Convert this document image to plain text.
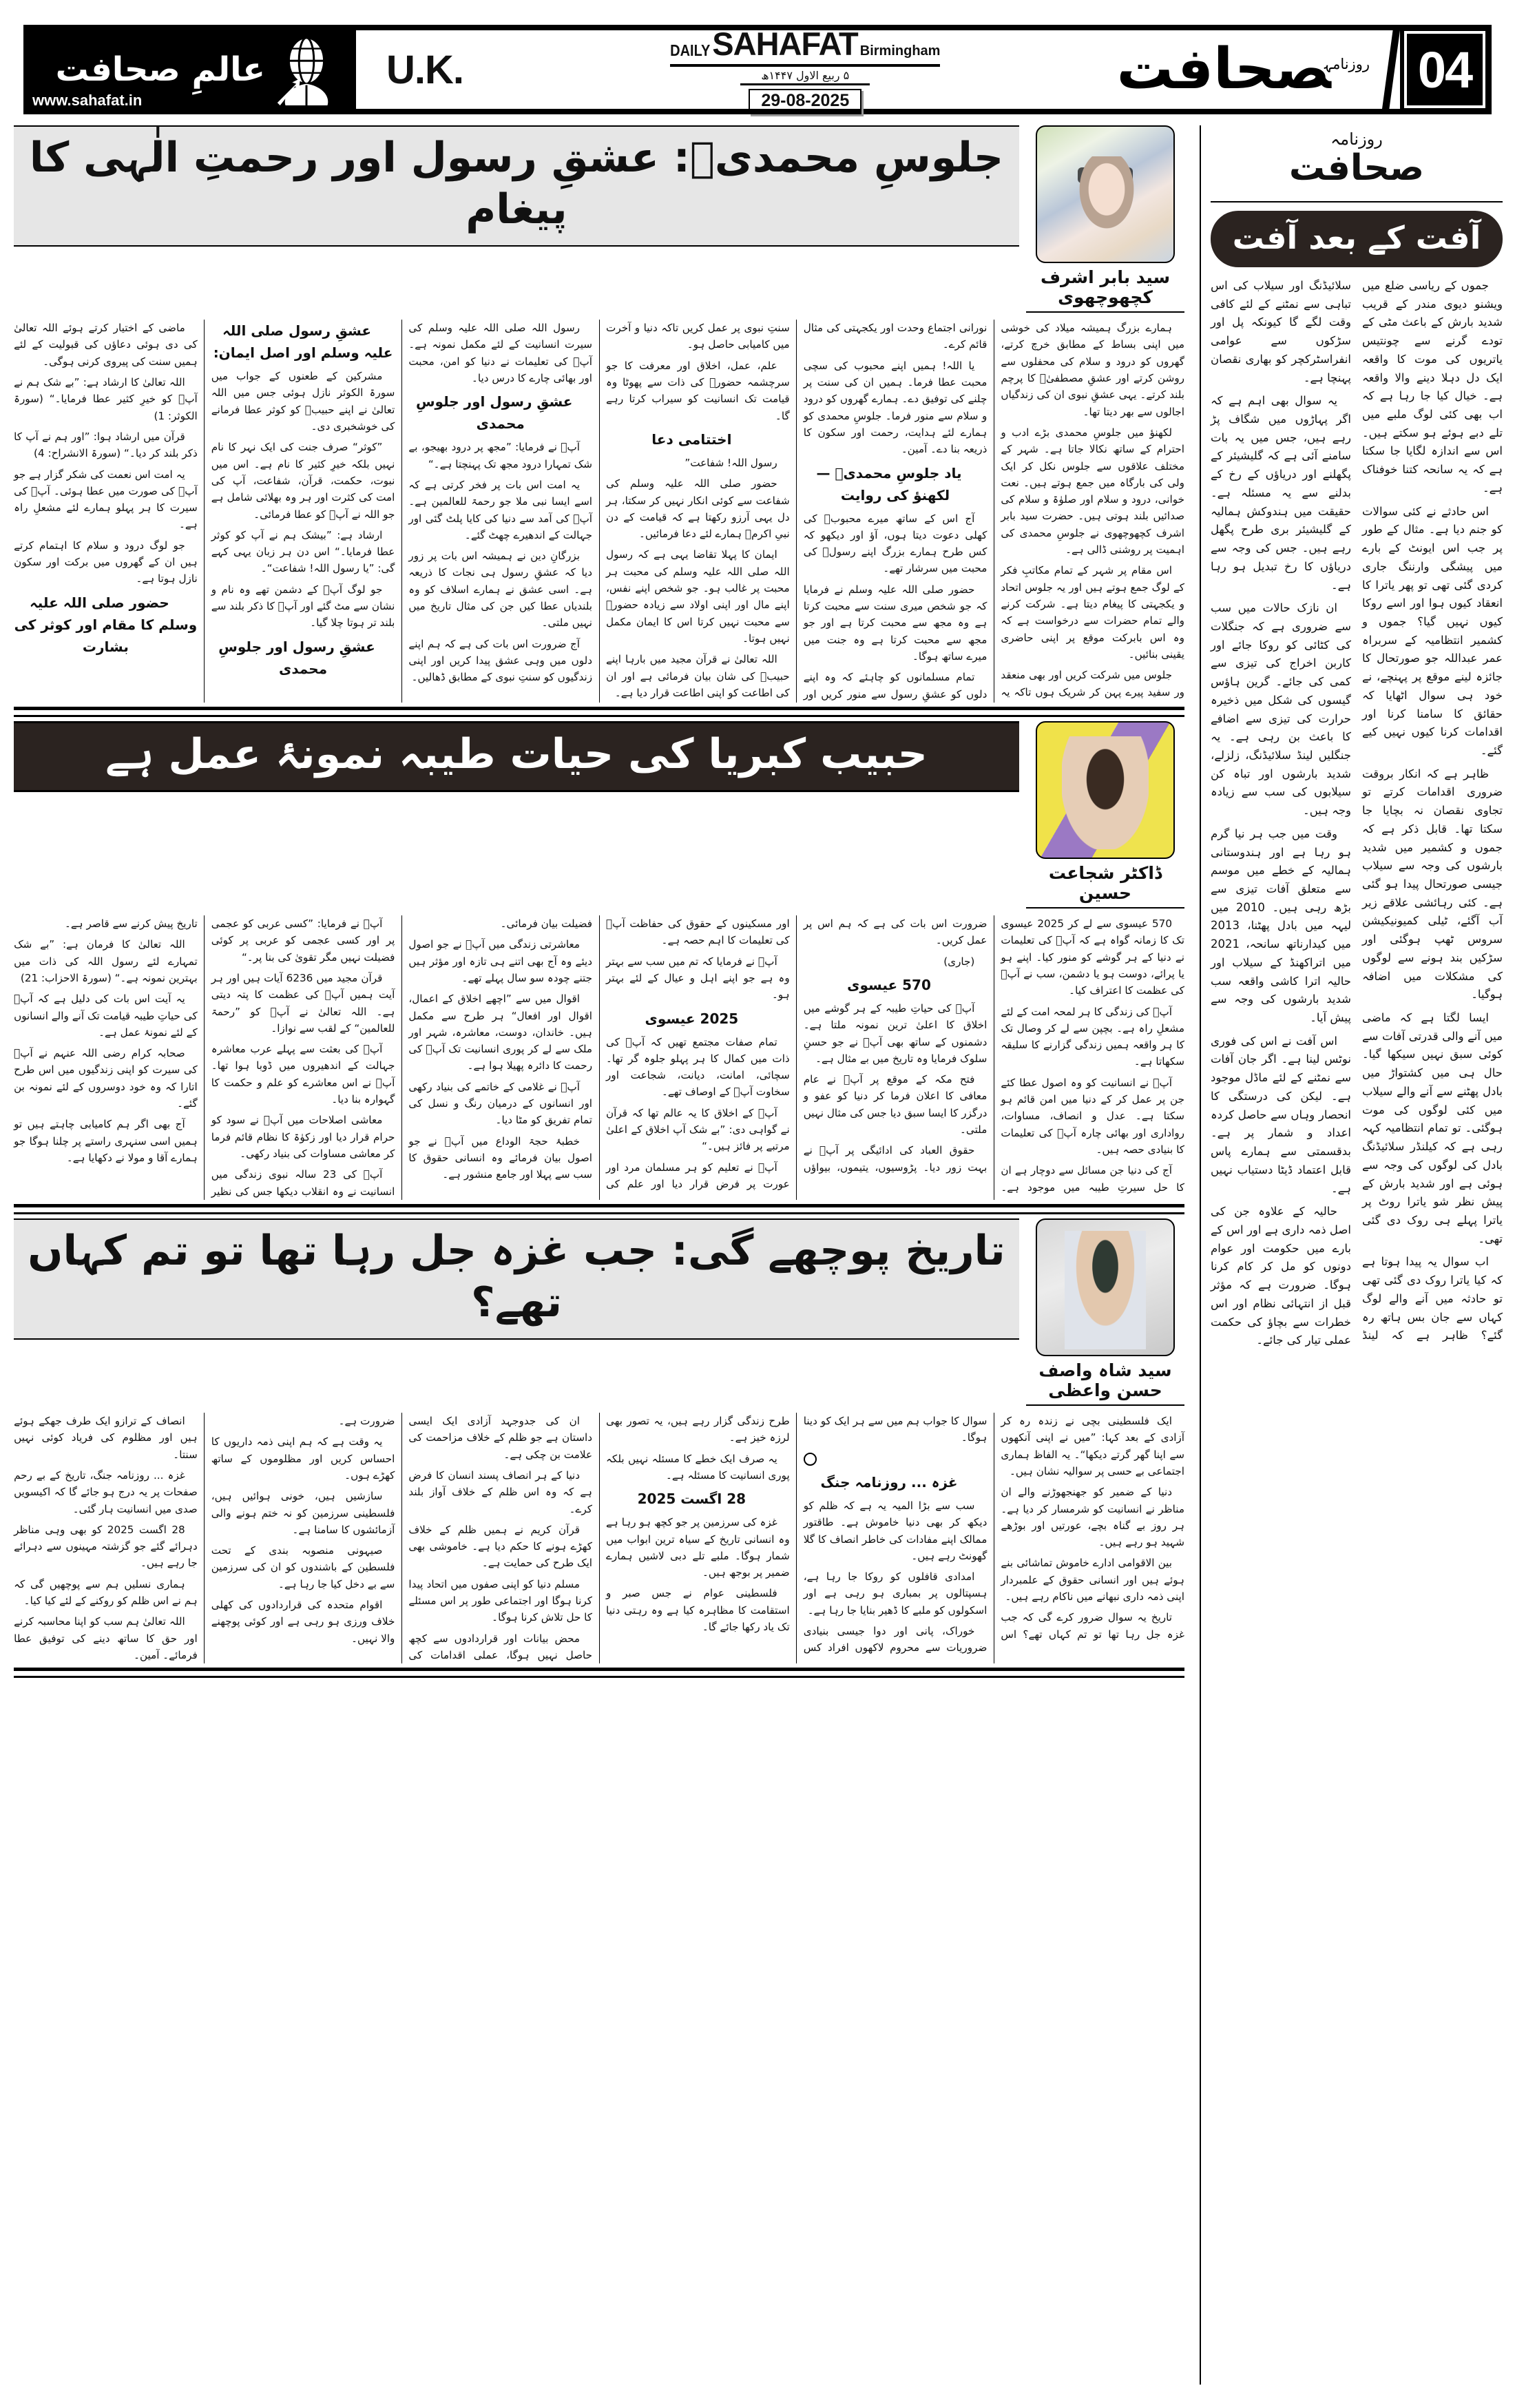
04
$^{روزنامہ}$صحافت
DAILY SAHAFAT Birmingham
۵ ربیع الاول ۱۴۴۷ھ
29-08-2025
U.K.
عالمِ صحافت
www.sahafat.in
روزنامہ
صحافت
آفت کے بعد آفت

جموں کے ریاسی ضلع میں ویشنو دیوی مندر کے قریب شدید بارش کے باعث مٹی کے تودے گرنے سے چونتیس یاتریوں کی موت کا واقعہ ایک دل دہلا دینے والا واقعہ ہے۔ خیال کیا جا رہا ہے کہ اب بھی کئی لوگ ملبے میں تلے دبے ہوئے ہو سکتے ہیں۔ اس سے اندازہ لگایا جا سکتا ہے کہ یہ سانحہ کتنا خوفناک ہے۔

اس حادثے نے کئی سوالات کو جنم دیا ہے۔ مثال کے طور پر جب اس ایونٹ کے بارے میں پیشگی وارننگ جاری کردی گئی تھی تو پھر یاترا کا انعقاد کیوں ہوا اور اسے روکا کیوں نہیں گیا؟ جموں و کشمیر انتظامیہ کے سربراہ عمر عبداللہ جو صورتحال کا جائزہ لینے موقع پر پہنچے، نے خود ہی سوال اٹھایا کہ حقائق کا سامنا کرنا اور اقدامات کرنا کیوں نہیں کیے گئے۔

ظاہر ہے کہ انکار بروقت ضروری اقدامات کرتے تو تجاوی نقصان نہ بچایا جا سکتا تھا۔ قابل ذکر ہے کہ جموں و کشمیر میں شدید بارشوں کی وجہ سے سیلاب جیسی صورتحال پیدا ہو گئی ہے۔ کئی رہائشی علاقے زیر آب آگئے، ٹیلی کمیونیکیشن سروس ٹھپ ہوگئی اور سڑکیں بند ہونے سے لوگوں کی مشکلات میں اضافہ ہوگیا۔

ایسا لگتا ہے کہ ماضی میں آنے والی قدرتی آفات سے کوئی سبق نہیں سیکھا گیا۔ حال ہی میں کشتواڑ میں بادل پھٹنے سے آنے والے سیلاب میں کئی لوگوں کی موت ہوگئی۔ تو تمام انتظامیہ کہہ رہی ہے کہ کیلنڈر سلائیڈنگ بادل کی لوگوں کی وجہ سے ہوئی ہے اور شدید بارش کے پیش نظر شو یاترا روٹ پر یاترا پہلے ہی روک دی گئی تھی۔

اب سوال یہ پیدا ہوتا ہے کہ کیا یاترا روک دی گئی تھی تو حادثہ میں آنے والے لوگ کہاں سے جان بس ہاتھ رہ گئے؟ ظاہر ہے کہ لینڈ سلائیڈنگ اور سیلاب کی اس تباہی سے نمٹنے کے لئے کافی وقت لگے گا کیونکہ پل اور سڑکوں سے عوامی انفراسٹرکچر کو بھاری نقصان پہنچا ہے۔

یہ سوال بھی اہم ہے کہ اگر پہاڑوں میں شگاف پڑ رہے ہیں، جس میں یہ بات سامنے آئی ہے کہ گلیشیئر کے پگھلنے اور دریاؤں کے رخ کے بدلنے سے یہ مسئلہ ہے۔ حقیقت میں ہندوکش ہمالیہ کے گلیشیئر بری طرح پگھل رہے ہیں۔ جس کی وجہ سے دریاؤں کا رخ تبدیل ہو رہا ہے۔

ان نازک حالات میں سب سے ضروری ہے کہ جنگلات کی کٹائی کو روکا جائے اور کاربن اخراج کی تیزی سے کمی کی جائے۔ گرین ہاؤس گیسوں کی شکل میں ذخیرہ حرارت کی تیزی سے اضافے کا باعث بن رہی ہے۔ یہ جنگلیں لینڈ سلائیڈنگ، زلزلے، شدید بارشوں اور تباہ کن سیلابوں کی سب سے زیادہ وجہ ہیں۔

وقت میں جب ہر نیا گرم ہو رہا ہے اور ہندوستانی ہمالیہ کے خطے میں موسم سے متعلق آفات تیزی سے بڑھ رہی ہیں۔ 2010 میں لیہہ میں بادل پھٹنا، 2013 میں کیدارناتھ سانحہ، 2021 میں اتراکھنڈ کے سیلاب اور حالیہ اترا کاشی واقعہ سب شدید بارشوں کی وجہ سے پیش آیا۔

اس آفت نے اس کی فوری نوٹس لینا ہے۔ اگر جان آفات سے نمٹنے کے لئے ماڈل موجود ہے۔ لیکن کی درستگی کا انحصار وہاں سے حاصل کردہ اعداد و شمار پر ہے۔ بدقسمتی سے ہمارے پاس قابل اعتماد ڈیٹا دستیاب نہیں ہے۔

حالیہ کے علاوہ جن کی اصل ذمہ داری ہے اور اس کے بارے میں حکومت اور عوام دونوں کو مل کر کام کرنا ہوگا۔ ضرورت ہے کہ مؤثر قبل از انتہائی نظام اور اس خطرات سے بچاؤ کی حکمت عملی تیار کی جائے۔

سید بابر اشرف کچھوچھوی
جلوسِ محمدیؐ: عشقِ رسول اور رحمتِ الٰہی کا پیغام

ہمارے بزرگ ہمیشہ میلاد کی خوشی میں اپنی بساط کے مطابق خرچ کرتے، گھروں کو درود و سلام کی محفلوں سے روشن کرتے اور عشقِ مصطفیٰؐ کا پرچم بلند کرتے۔ یہی عشقِ نبوی ان کی زندگیاں اجالوں سے بھر دیتا تھا۔

لکھنؤ میں جلوسِ محمدی بڑے ادب و احترام کے ساتھ نکالا جاتا ہے۔ شہر کے مختلف علاقوں سے جلوس نکل کر ایک ولی کی بارگاہ میں جمع ہوتے ہیں۔ نعت خوانی، درود و سلام اور صلوٰۃ و سلام کی صدائیں بلند ہوتی ہیں۔ حضرت سید بابر اشرف کچھوچھوی نے جلوسِ محمدی کی اہمیت پر روشنی ڈالی ہے۔

اس مقام پر شہر کے تمام مکاتبِ فکر کے لوگ جمع ہوتے ہیں اور یہ جلوس اتحاد و یکجہتی کا پیغام دیتا ہے۔ شرکت کرنے والے تمام حضرات سے درخواست ہے کہ وہ اس بابرکت موقع پر اپنی حاضری یقینی بنائیں۔

جلوس میں شرکت کریں اور بھی منعقد ور سفید پیرے پہن کر شریک ہوں تاکہ یہ نورانی اجتماع وحدت اور یکجہتی کی مثال قائم کرے۔

یا اللہ! ہمیں اپنے محبوب کی سچی محبت عطا فرما۔ ہمیں ان کی سنت پر چلنے کی توفیق دے۔ ہمارے گھروں کو درود و سلام سے منور فرما۔ جلوسِ محمدی کو ہمارے لئے ہدایت، رحمت اور سکون کا ذریعہ بنا دے۔ آمین۔

یاد جلوسِ محمدیؐ — لکھنؤ کی روایت

آج اس کے ساتھ میرے محبوبؐ کی کھلی دعوت دیتا ہوں، آؤ اور دیکھو کہ کس طرح ہمارے بزرگ اپنے رسولؐ کی محبت میں سرشار تھے۔

حضور صلی اللہ علیہ وسلم نے فرمایا کہ جو شخص میری سنت سے محبت کرتا ہے وہ مجھ سے محبت کرتا ہے اور جو مجھ سے محبت کرتا ہے وہ جنت میں میرے ساتھ ہوگا۔

تمام مسلمانوں کو چاہئے کہ وہ اپنے دلوں کو عشقِ رسول سے منور کریں اور سنتِ نبوی پر عمل کریں تاکہ دنیا و آخرت میں کامیابی حاصل ہو۔

علم، عمل، اخلاق اور معرفت کا جو سرچشمہ حضورؐ کی ذات سے پھوٹا وہ قیامت تک انسانیت کو سیراب کرتا رہے گا۔

اختتامی دعا

رسول اللہ! شفاعت”

حضور صلی اللہ علیہ وسلم کی شفاعت سے کوئی انکار نہیں کر سکتا، ہر دل یہی آرزو رکھتا ہے کہ قیامت کے دن نبیِ اکرمؐ ہمارے لئے دعا فرمائیں۔

ایمان کا پہلا تقاضا یہی ہے کہ رسول اللہ صلی اللہ علیہ وسلم کی محبت ہر محبت پر غالب ہو۔ جو شخص اپنے نفس، اپنے مال اور اپنی اولاد سے زیادہ حضورؐ سے محبت نہیں کرتا اس کا ایمان مکمل نہیں ہوتا۔

اللہ تعالیٰ نے قرآن مجید میں بارہا اپنے حبیبؐ کی شان بیان فرمائی ہے اور ان کی اطاعت کو اپنی اطاعت قرار دیا ہے۔

رسول اللہ صلی اللہ علیہ وسلم کی سیرت انسانیت کے لئے مکمل نمونہ ہے۔ آپؐ کی تعلیمات نے دنیا کو امن، محبت اور بھائی چارے کا درس دیا۔

عشقِ رسول اور جلوسِ محمدی

آپؐ نے فرمایا: ”مجھ پر درود بھیجو، بے شک تمہارا درود مجھ تک پہنچتا ہے۔“

یہ امت اس بات پر فخر کرتی ہے کہ اسے ایسا نبی ملا جو رحمۃ للعالمین ہے۔ آپؐ کی آمد سے دنیا کی کایا پلٹ گئی اور جہالت کے اندھیرے چھٹ گئے۔

بزرگانِ دین نے ہمیشہ اس بات پر زور دیا کہ عشقِ رسول ہی نجات کا ذریعہ ہے۔ اسی عشق نے ہمارے اسلاف کو وہ بلندیاں عطا کیں جن کی مثال تاریخ میں نہیں ملتی۔

آج ضرورت اس بات کی ہے کہ ہم اپنے دلوں میں وہی عشق پیدا کریں اور اپنی زندگیوں کو سنتِ نبوی کے مطابق ڈھالیں۔

عشقِ رسول صلی اللہ علیہ وسلم اور اصل ایمان:

مشرکین کے طعنوں کے جواب میں سورۃ الکوثر نازل ہوئی جس میں اللہ تعالیٰ نے اپنے حبیبؐ کو کوثر عطا فرمانے کی خوشخبری دی۔

”کوثر“ صرف جنت کی ایک نہر کا نام نہیں بلکہ خیرِ کثیر کا نام ہے۔ اس میں نبوت، حکمت، قرآن، شفاعت، آپ کی امت کی کثرت اور ہر وہ بھلائی شامل ہے جو اللہ نے آپؐ کو عطا فرمائی۔

ارشاد ہے: ”بیشک ہم نے آپ کو کوثر عطا فرمایا۔“ اس دن ہر زبان یہی کہے گی: ”یا رسول اللہ! شفاعت“۔

جو لوگ آپؐ کے دشمن تھے وہ نام و نشان سے مٹ گئے اور آپؐ کا ذکر بلند سے بلند تر ہوتا چلا گیا۔

عشقِ رسول اور جلوسِ محمدی

ماضی کے اختیار کرتے ہوئے اللہ تعالیٰ کی دی ہوئی دعاؤں کی قبولیت کے لئے ہمیں سنت کی پیروی کرنی ہوگی۔

اللہ تعالیٰ کا ارشاد ہے: ”بے شک ہم نے آپؐ کو خیرِ کثیر عطا فرمایا۔“ (سورۃ الکوثر: 1)

قرآن میں ارشاد ہوا: ”اور ہم نے آپ کا ذکر بلند کر دیا۔“ (سورۃ الانشراح: 4)

یہ امت اس نعمت کی شکر گزار ہے جو آپؐ کی صورت میں عطا ہوئی۔ آپؐ کی سیرت کا ہر پہلو ہمارے لئے مشعلِ راہ ہے۔

جو لوگ درود و سلام کا اہتمام کرتے ہیں ان کے گھروں میں برکت اور سکون نازل ہوتا ہے۔

حضور صلی اللہ علیہ وسلم کا مقام اور کوثر کی بشارت

ڈاکٹر شجاعت حسین
حبیب کبریا کی حیات طیبہ نمونۂ عمل ہے

570 عیسوی سے لے کر 2025 عیسوی تک کا زمانہ گواہ ہے کہ آپؐ کی تعلیمات نے دنیا کے ہر گوشے کو منور کیا۔ اپنے ہو یا پرائے، دوست ہو یا دشمن، سب نے آپؐ کی عظمت کا اعتراف کیا۔

آپؐ کی زندگی کا ہر لمحہ امت کے لئے مشعلِ راہ ہے۔ بچپن سے لے کر وصال تک کا ہر واقعہ ہمیں زندگی گزارنے کا سلیقہ سکھاتا ہے۔

آپؐ نے انسانیت کو وہ اصول عطا کئے جن پر عمل کر کے دنیا میں امن قائم ہو سکتا ہے۔ عدل و انصاف، مساوات، رواداری اور بھائی چارہ آپؐ کی تعلیمات کا بنیادی حصہ ہیں۔

آج کی دنیا جن مسائل سے دوچار ہے ان کا حل سیرتِ طیبہ میں موجود ہے۔ ضرورت اس بات کی ہے کہ ہم اس پر عمل کریں۔

(جاری)

570 عیسوی

آپؐ کی حیاتِ طیبہ کے ہر گوشے میں اخلاق کا اعلیٰ ترین نمونہ ملتا ہے۔ دشمنوں کے ساتھ بھی آپؐ نے جو حسنِ سلوک فرمایا وہ تاریخ میں بے مثال ہے۔

فتح مکہ کے موقع پر آپؐ نے عام معافی کا اعلان فرما کر دنیا کو عفو و درگزر کا ایسا سبق دیا جس کی مثال نہیں ملتی۔

حقوق العباد کی ادائیگی پر آپؐ نے بہت زور دیا۔ پڑوسیوں، یتیموں، بیواؤں اور مسکینوں کے حقوق کی حفاظت آپؐ کی تعلیمات کا اہم حصہ ہے۔

آپؐ نے فرمایا کہ تم میں سب سے بہتر وہ ہے جو اپنے اہل و عیال کے لئے بہتر ہو۔

2025 عیسوی

تمام صفات مجتمع تھیں کہ آپؐ کی ذات میں کمال کا ہر پہلو جلوہ گر تھا۔ سچائی، امانت، دیانت، شجاعت اور سخاوت آپؐ کے اوصاف تھے۔

آپؐ کے اخلاق کا یہ عالم تھا کہ قرآن نے گواہی دی: ”بے شک آپ اخلاق کے اعلیٰ مرتبے پر فائز ہیں۔“

آپؐ نے تعلیم کو ہر مسلمان مرد اور عورت پر فرض قرار دیا اور علم کی فضیلت بیان فرمائی۔

معاشرتی زندگی میں آپؐ نے جو اصول دیئے وہ آج بھی اتنے ہی تازہ اور مؤثر ہیں جتنے چودہ سو سال پہلے تھے۔

اقوال میں سے ”اچھے اخلاق کے اعمال، اقوال اور افعال“ ہر طرح سے مکمل ہیں۔ خاندان، دوست، معاشرہ، شہر اور ملک سے لے کر پوری انسانیت تک آپؐ کی رحمت کا دائرہ پھیلا ہوا ہے۔

آپؐ نے غلامی کے خاتمے کی بنیاد رکھی اور انسانوں کے درمیان رنگ و نسل کی تمام تفریق کو مٹا دیا۔

خطبۂ حجۃ الوداع میں آپؐ نے جو اصول بیان فرمائے وہ انسانی حقوق کا سب سے پہلا اور جامع منشور ہے۔

آپؐ نے فرمایا: ”کسی عربی کو عجمی پر اور کسی عجمی کو عربی پر کوئی فضیلت نہیں مگر تقویٰ کی بنا پر۔“

قرآن مجید میں 6236 آیات ہیں اور ہر آیت ہمیں آپؐ کی عظمت کا پتہ دیتی ہے۔ اللہ تعالیٰ نے آپؐ کو ”رحمۃ للعالمین“ کے لقب سے نوازا۔

آپؐ کی بعثت سے پہلے عرب معاشرہ جہالت کے اندھیروں میں ڈوبا ہوا تھا۔ آپؐ نے اس معاشرے کو علم و حکمت کا گہوارہ بنا دیا۔

معاشی اصلاحات میں آپؐ نے سود کو حرام قرار دیا اور زکوٰۃ کا نظام قائم فرما کر معاشی مساوات کی بنیاد رکھی۔

آپؐ کی 23 سالہ نبوی زندگی میں انسانیت نے وہ انقلاب دیکھا جس کی نظیر تاریخ پیش کرنے سے قاصر ہے۔

اللہ تعالیٰ کا فرمان ہے: ”بے شک تمہارے لئے رسول اللہ کی ذات میں بہترین نمونہ ہے۔“ (سورۃ الاحزاب: 21)

یہ آیت اس بات کی دلیل ہے کہ آپؐ کی حیاتِ طیبہ قیامت تک آنے والے انسانوں کے لئے نمونۂ عمل ہے۔

صحابہ کرام رضی اللہ عنہم نے آپؐ کی سیرت کو اپنی زندگیوں میں اس طرح اتارا کہ وہ خود دوسروں کے لئے نمونہ بن گئے۔

آج بھی اگر ہم کامیابی چاہتے ہیں تو ہمیں اسی سنہری راستے پر چلنا ہوگا جو ہمارے آقا و مولا نے دکھایا ہے۔

سید شاہ واصف حسن واعظی
تاریخ پوچھے گی: جب غزہ جل رہا تھا تو تم کہاں تھے؟

ایک فلسطینی بچی نے زندہ رہ کر آزادی کے بعد کہا: ”میں نے اپنی آنکھوں سے اپنا گھر گرتے دیکھا“۔ یہ الفاظ ہماری اجتماعی بے حسی پر سوالیہ نشان ہیں۔

دنیا کے ضمیر کو جھنجھوڑنے والے ان مناظر نے انسانیت کو شرمسار کر دیا ہے۔ ہر روز بے گناہ بچے، عورتیں اور بوڑھے شہید ہو رہے ہیں۔

بین الاقوامی ادارے خاموش تماشائی بنے ہوئے ہیں اور انسانی حقوق کے علمبردار اپنی ذمہ داری نبھانے میں ناکام رہے ہیں۔

تاریخ یہ سوال ضرور کرے گی کہ جب غزہ جل رہا تھا تو تم کہاں تھے؟ اس سوال کا جواب ہم میں سے ہر ایک کو دینا ہوگا۔

غزہ ... روزنامہ جنگ

سب سے بڑا المیہ یہ ہے کہ ظلم کو دیکھ کر بھی دنیا خاموش ہے۔ طاقتور ممالک اپنے مفادات کی خاطر انصاف کا گلا گھونٹ رہے ہیں۔

امدادی قافلوں کو روکا جا رہا ہے، ہسپتالوں پر بمباری ہو رہی ہے اور اسکولوں کو ملبے کا ڈھیر بنایا جا رہا ہے۔

خوراک، پانی اور دوا جیسی بنیادی ضروریات سے محروم لاکھوں افراد کس طرح زندگی گزار رہے ہیں، یہ تصور بھی لرزہ خیز ہے۔

یہ صرف ایک خطے کا مسئلہ نہیں بلکہ پوری انسانیت کا مسئلہ ہے۔

28 اگست 2025

غزہ کی سرزمین پر جو کچھ ہو رہا ہے وہ انسانی تاریخ کے سیاہ ترین ابواب میں شمار ہوگا۔ ملبے تلے دبی لاشیں ہمارے ضمیر پر بوجھ ہیں۔

فلسطینی عوام نے جس صبر و استقامت کا مظاہرہ کیا ہے وہ رہتی دنیا تک یاد رکھا جائے گا۔

ان کی جدوجہد آزادی ایک ایسی داستان ہے جو ظلم کے خلاف مزاحمت کی علامت بن چکی ہے۔

دنیا کے ہر انصاف پسند انسان کا فرض ہے کہ وہ اس ظلم کے خلاف آواز بلند کرے۔

قرآن کریم نے ہمیں ظلم کے خلاف کھڑے ہونے کا حکم دیا ہے۔ خاموشی بھی ایک طرح کی حمایت ہے۔

مسلم دنیا کو اپنی صفوں میں اتحاد پیدا کرنا ہوگا اور اجتماعی طور پر اس مسئلے کا حل تلاش کرنا ہوگا۔

محض بیانات اور قراردادوں سے کچھ حاصل نہیں ہوگا، عملی اقدامات کی ضرورت ہے۔

یہ وقت ہے کہ ہم اپنی ذمہ داریوں کا احساس کریں اور مظلوموں کے ساتھ کھڑے ہوں۔

سازشیں ہیں، خونی ہوائیں ہیں، فلسطینی سرزمین کو نہ ختم ہونے والی آزمائشوں کا سامنا ہے۔

صیہونی منصوبہ بندی کے تحت فلسطین کے باشندوں کو ان کی سرزمین سے بے دخل کیا جا رہا ہے۔

اقوام متحدہ کی قراردادوں کی کھلی خلاف ورزی ہو رہی ہے اور کوئی پوچھنے والا نہیں۔

انصاف کے ترازو ایک طرف جھکے ہوئے ہیں اور مظلوم کی فریاد کوئی نہیں سنتا۔

غزہ ... روزنامہ جنگ، تاریخ کے بے رحم صفحات پر یہ درج ہو جائے گا کہ اکیسویں صدی میں انسانیت ہار گئی۔

28 اگست 2025 کو بھی وہی مناظر دہرائے گئے جو گزشتہ مہینوں سے دہرائے جا رہے ہیں۔

ہماری نسلیں ہم سے پوچھیں گی کہ ہم نے اس ظلم کو روکنے کے لئے کیا کیا۔

اللہ تعالیٰ ہم سب کو اپنا محاسبہ کرنے اور حق کا ساتھ دینے کی توفیق عطا فرمائے۔ آمین۔
